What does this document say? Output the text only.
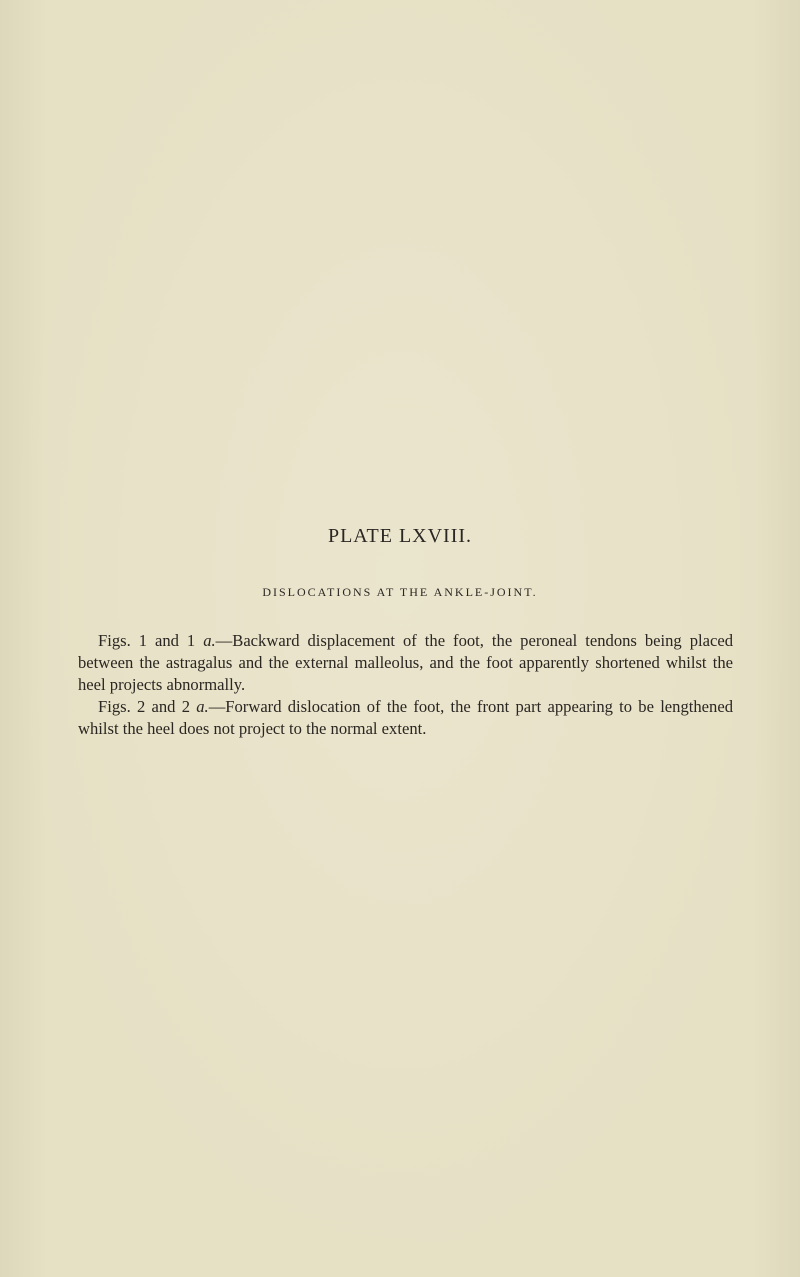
PLATE LXVIII.
DISLOCATIONS AT THE ANKLE-JOINT.

Figs. 1 and 1 a.—Backward displacement of the foot, the peroneal tendons being placed between the astragalus and the external malleolus, and the foot apparently shortened whilst the heel projects abnormally.

Figs. 2 and 2 a.—Forward dislocation of the foot, the front part appearing to be lengthened whilst the heel does not project to the normal extent.
